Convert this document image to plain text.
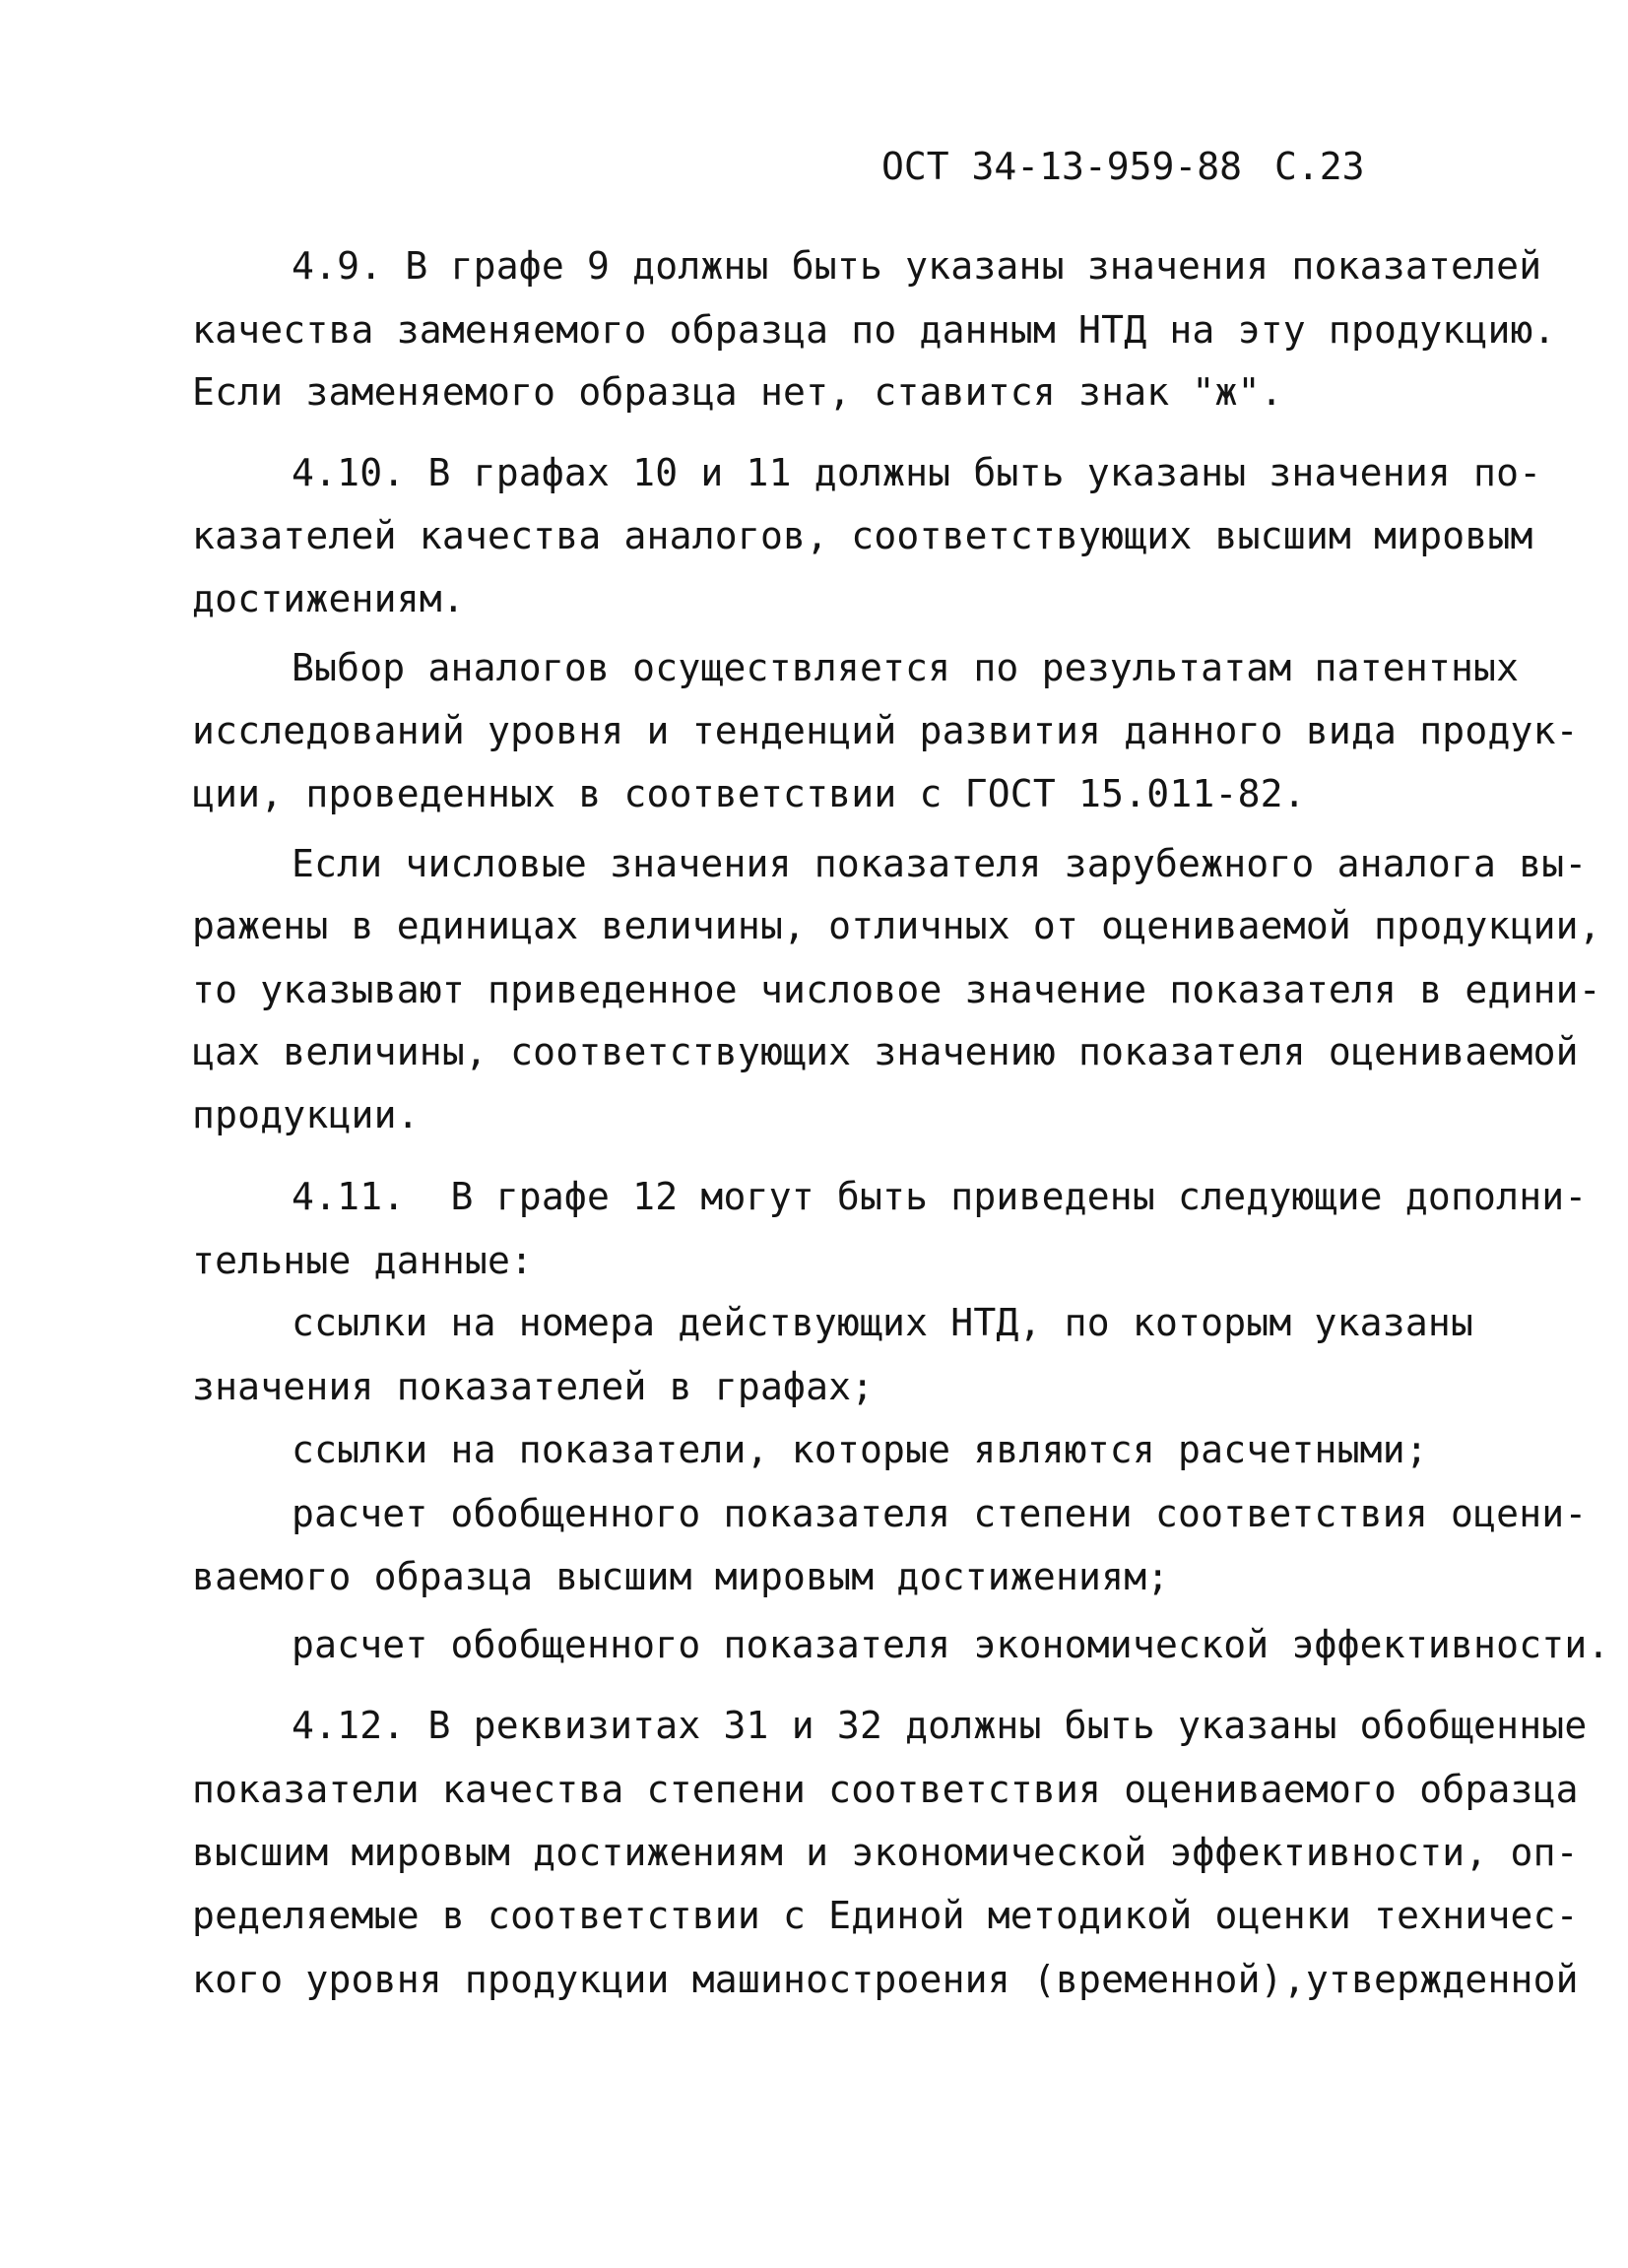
ОСТ 34-13-959-88 С.23
4.9. В графе 9 должны быть указаны значения показателей
качества заменяемого образца по данным НТД на эту продукцию.
Если заменяемого образца нет, ставится знак "ж".
4.10. В графах 10 и 11 должны быть указаны значения по-
казателей качества аналогов, соответствующих высшим мировым
достижениям.
Выбор аналогов осуществляется по результатам патентных
исследований уровня и тенденций развития данного вида продук-
ции, проведенных в соответствии с ГОСТ 15.011-82.
Если числовые значения показателя зарубежного аналога вы-
ражены в единицах величины, отличных от оцениваемой продукции,
то указывают приведенное числовое значение показателя в едини-
цах величины, соответствующих значению показателя оцениваемой
продукции.
4.11.  В графе 12 могут быть приведены следующие дополни-
тельные данные:
ссылки на номера действующих НТД, по которым указаны
значения показателей в графах;
ссылки на показатели, которые являются расчетными;
расчет обобщенного показателя степени соответствия оцени-
ваемого образца высшим мировым достижениям;
расчет обобщенного показателя экономической эффективности.
4.12. В реквизитах 31 и 32 должны быть указаны обобщенные
показатели качества степени соответствия оцениваемого образца
высшим мировым достижениям и экономической эффективности, оп-
ределяемые в соответствии с Единой методикой оценки техничес-
кого уровня продукции машиностроения (временной),утвержденной
